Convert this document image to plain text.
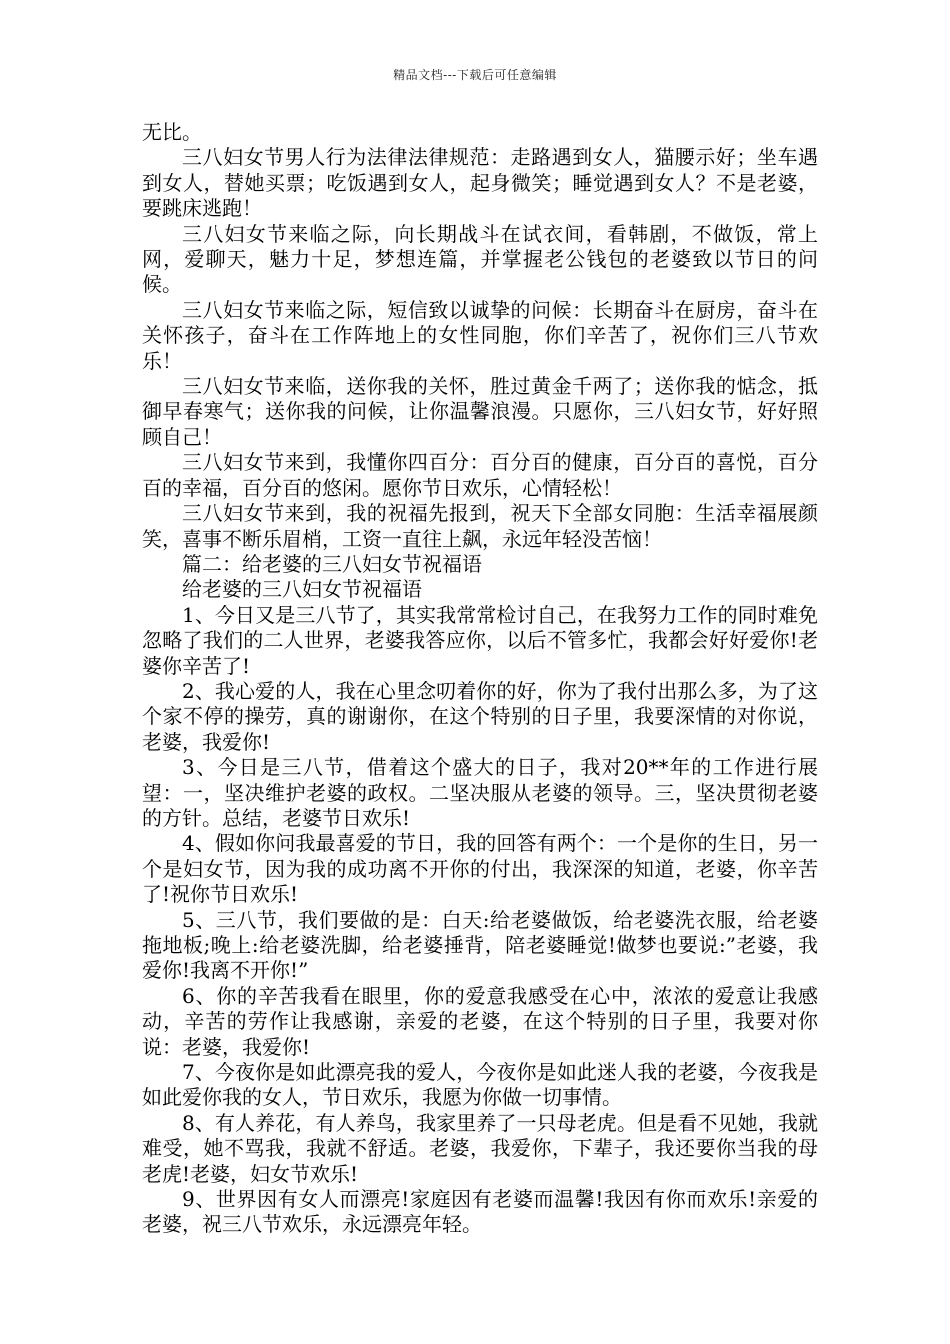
精品文档---下载后可任意编辑

无比。

三八妇女节男人行为法律法律规范：走路遇到女人，猫腰示好；坐车遇到女人，替她买票；吃饭遇到女人，起身微笑；睡觉遇到女人？不是老婆，要跳床逃跑！

三八妇女节来临之际，向长期战斗在试衣间，看韩剧，不做饭，常上网，爱聊天，魅力十足，梦想连篇，并掌握老公钱包的老婆致以节日的问候。

三八妇女节来临之际，短信致以诚挚的问候：长期奋斗在厨房，奋斗在关怀孩子，奋斗在工作阵地上的女性同胞，你们辛苦了，祝你们三八节欢乐！

三八妇女节来临，送你我的关怀，胜过黄金千两了；送你我的惦念，抵御早春寒气；送你我的问候，让你温馨浪漫。只愿你，三八妇女节，好好照顾自己！

三八妇女节来到，我懂你四百分：百分百的健康，百分百的喜悦，百分百的幸福，百分百的悠闲。愿你节日欢乐，心情轻松！

三八妇女节来到，我的祝福先报到，祝天下全部女同胞：生活幸福展颜笑，喜事不断乐眉梢，工资一直往上飙，永远年轻没苦恼！

篇二：给老婆的三八妇女节祝福语

给老婆的三八妇女节祝福语

1、今日又是三八节了，其实我常常检讨自己，在我努力工作的同时难免忽略了我们的二人世界，老婆我答应你，以后不管多忙，我都会好好爱你!老婆你辛苦了!

2、我心爱的人，我在心里念叨着你的好，你为了我付出那么多，为了这个家不停的操劳，真的谢谢你，在这个特别的日子里，我要深情的对你说，老婆，我爱你!

3、今日是三八节，借着这个盛大的日子，我对20**年的工作进行展望：一，坚决维护老婆的政权。二坚决服从老婆的领导。三，坚决贯彻老婆的方针。总结，老婆节日欢乐!

4、假如你问我最喜爱的节日，我的回答有两个：一个是你的生日，另一个是妇女节，因为我的成功离不开你的付出，我深深的知道，老婆，你辛苦了!祝你节日欢乐!

5、三八节，我们要做的是：白天:给老婆做饭，给老婆洗衣服，给老婆拖地板;晚上:给老婆洗脚，给老婆捶背，陪老婆睡觉!做梦也要说:”老婆，我爱你!我离不开你!”

6、你的辛苦我看在眼里，你的爱意我感受在心中，浓浓的爱意让我感动，辛苦的劳作让我感谢，亲爱的老婆，在这个特别的日子里，我要对你说：老婆，我爱你!

7、今夜你是如此漂亮我的爱人，今夜你是如此迷人我的老婆，今夜我是如此爱你我的女人，节日欢乐，我愿为你做一切事情。

8、有人养花，有人养鸟，我家里养了一只母老虎。但是看不见她，我就难受，她不骂我，我就不舒适。老婆，我爱你，下辈子，我还要你当我的母老虎!老婆，妇女节欢乐!

9、世界因有女人而漂亮!家庭因有老婆而温馨!我因有你而欢乐!亲爱的老婆，祝三八节欢乐，永远漂亮年轻。
